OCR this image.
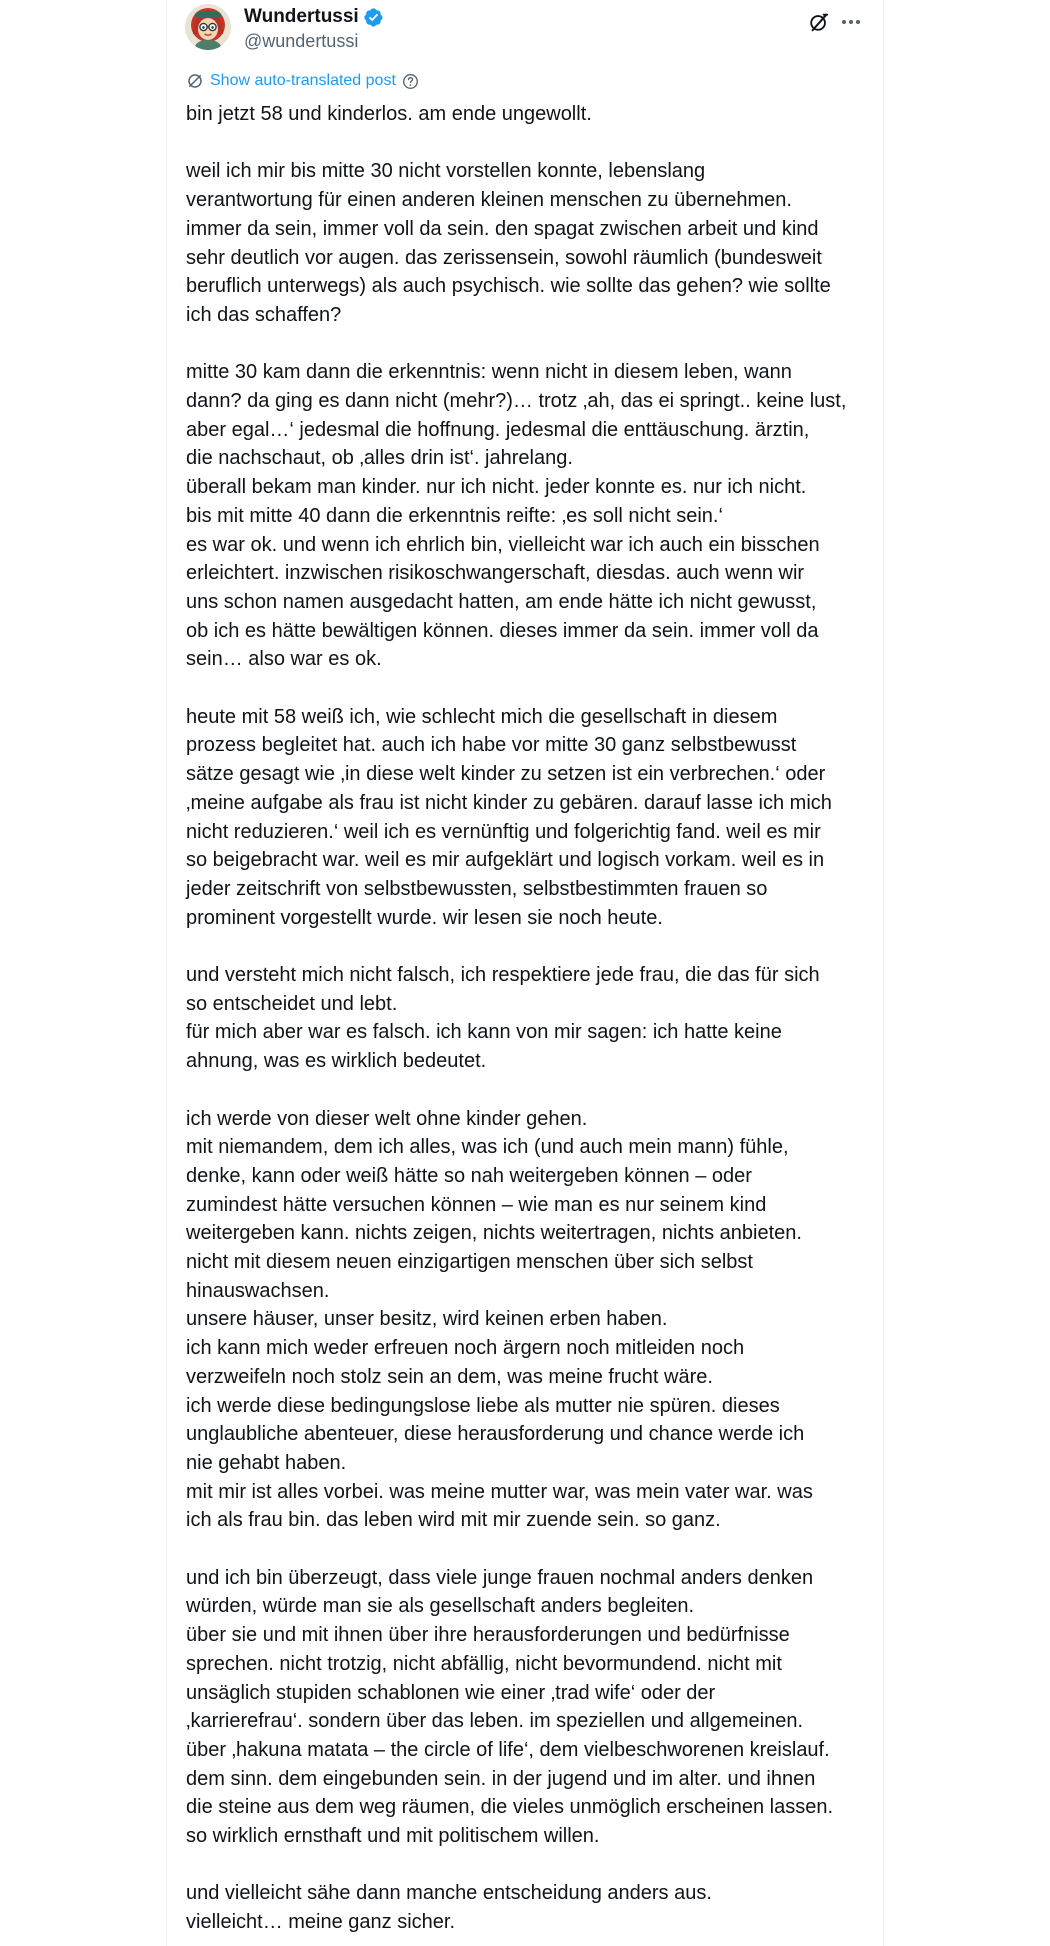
Wundertussi
@wundertussi
Show auto-translated post

bin jetzt 58 und kinderlos. am ende ungewollt.

weil ich mir bis mitte 30 nicht vorstellen konnte, lebenslang
verantwortung für einen anderen kleinen menschen zu übernehmen.
immer da sein, immer voll da sein. den spagat zwischen arbeit und kind
sehr deutlich vor augen. das zerissensein, sowohl räumlich (bundesweit
beruflich unterwegs) als auch psychisch. wie sollte das gehen? wie sollte
ich das schaffen?

mitte 30 kam dann die erkenntnis: wenn nicht in diesem leben, wann
dann? da ging es dann nicht (mehr?)… trotz ‚ah, das ei springt.. keine lust,
aber egal…‘ jedesmal die hoffnung. jedesmal die enttäuschung. ärztin,
die nachschaut, ob ‚alles drin ist‘. jahrelang.
überall bekam man kinder. nur ich nicht. jeder konnte es. nur ich nicht.
bis mit mitte 40 dann die erkenntnis reifte: ‚es soll nicht sein.‘
es war ok. und wenn ich ehrlich bin, vielleicht war ich auch ein bisschen
erleichtert. inzwischen risikoschwangerschaft, diesdas. auch wenn wir
uns schon namen ausgedacht hatten, am ende hätte ich nicht gewusst,
ob ich es hätte bewältigen können. dieses immer da sein. immer voll da
sein… also war es ok.

heute mit 58 weiß ich, wie schlecht mich die gesellschaft in diesem
prozess begleitet hat. auch ich habe vor mitte 30 ganz selbstbewusst
sätze gesagt wie ‚in diese welt kinder zu setzen ist ein verbrechen.‘ oder
‚meine aufgabe als frau ist nicht kinder zu gebären. darauf lasse ich mich
nicht reduzieren.‘ weil ich es vernünftig und folgerichtig fand. weil es mir
so beigebracht war. weil es mir aufgeklärt und logisch vorkam. weil es in
jeder zeitschrift von selbstbewussten, selbstbestimmten frauen so
prominent vorgestellt wurde. wir lesen sie noch heute.

und versteht mich nicht falsch, ich respektiere jede frau, die das für sich
so entscheidet und lebt.
für mich aber war es falsch. ich kann von mir sagen: ich hatte keine
ahnung, was es wirklich bedeutet.

ich werde von dieser welt ohne kinder gehen.
mit niemandem, dem ich alles, was ich (und auch mein mann) fühle,
denke, kann oder weiß hätte so nah weitergeben können – oder
zumindest hätte versuchen können – wie man es nur seinem kind
weitergeben kann. nichts zeigen, nichts weitertragen, nichts anbieten.
nicht mit diesem neuen einzigartigen menschen über sich selbst
hinauswachsen.
unsere häuser, unser besitz, wird keinen erben haben.
ich kann mich weder erfreuen noch ärgern noch mitleiden noch
verzweifeln noch stolz sein an dem, was meine frucht wäre.
ich werde diese bedingungslose liebe als mutter nie spüren. dieses
unglaubliche abenteuer, diese herausforderung und chance werde ich
nie gehabt haben.
mit mir ist alles vorbei. was meine mutter war, was mein vater war. was
ich als frau bin. das leben wird mit mir zuende sein. so ganz.

und ich bin überzeugt, dass viele junge frauen nochmal anders denken
würden, würde man sie als gesellschaft anders begleiten.
über sie und mit ihnen über ihre herausforderungen und bedürfnisse
sprechen. nicht trotzig, nicht abfällig, nicht bevormundend. nicht mit
unsäglich stupiden schablonen wie einer ‚trad wife‘ oder der
‚karrierefrau‘. sondern über das leben. im speziellen und allgemeinen.
über ‚hakuna matata – the circle of life‘, dem vielbeschworenen kreislauf.
dem sinn. dem eingebunden sein. in der jugend und im alter. und ihnen
die steine aus dem weg räumen, die vieles unmöglich erscheinen lassen.
so wirklich ernsthaft und mit politischem willen.

und vielleicht sähe dann manche entscheidung anders aus.
vielleicht… meine ganz sicher.
